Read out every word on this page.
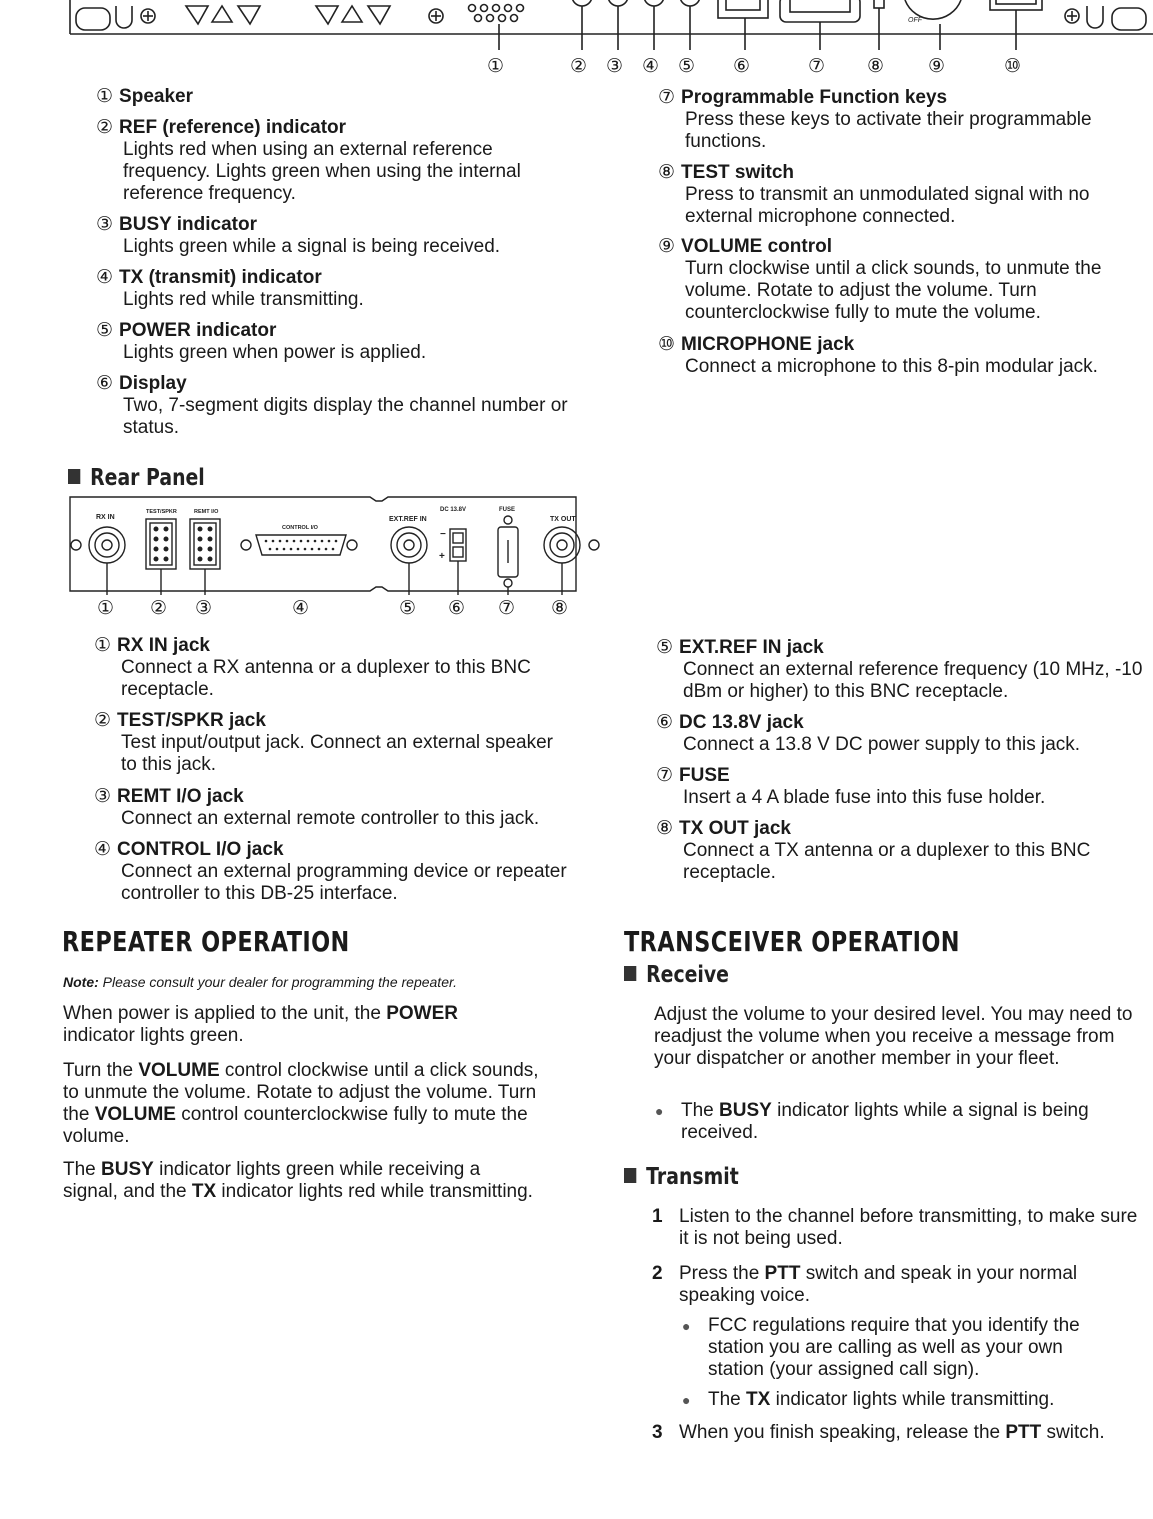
OFF
①	② ③ ④ ⑤ ⑥	⑦ ⑧ ⑨	⑩
① Speaker
② REF (reference) indicator
Lights red when using an external reference frequency. Lights green when using the internal reference frequency.
③ BUSY indicator
Lights green while a signal is being received.
④ TX (transmit) indicator
Lights red while transmitting.
⑤ POWER indicator
Lights green when power is applied.
⑥ Display
Two, 7-segment digits display the channel number or status.
⑦ Programmable Function keys
Press these keys to activate their programmable functions.
⑧ TEST switch
Press to transmit an unmodulated signal with no external microphone connected.
⑨ VOLUME control
Turn clockwise until a click sounds, to unmute the volume. Rotate to adjust the volume. Turn counterclockwise fully to mute the volume.
⑩ MICROPHONE jack
Connect a microphone to this 8-pin modular jack.
Rear Panel
RX IN
TEST/SPKR	REMT I/O
CONTROL I/O
EXT.REF IN
DC 13.8V	FUSE
TX OUT
−
+
① ② ③	④	⑤ ⑥ ⑦ ⑧
① RX IN jack
Connect a RX antenna or a duplexer to this BNC receptacle.
② TEST/SPKR jack
Test input/output jack. Connect an external speaker to this jack.
③ REMT I/O jack
Connect an external remote controller to this jack.
④ CONTROL I/O jack
Connect an external programming device or repeater controller to this DB-25 interface.
⑤ EXT.REF IN jack
Connect an external reference frequency (10 MHz, -10 dBm or higher) to this BNC receptacle.
⑥ DC 13.8V jack
Connect a 13.8 V DC power supply to this jack.
⑦ FUSE
Insert a 4 A blade fuse into this fuse holder.
⑧ TX OUT jack
Connect a TX antenna or a duplexer to this BNC receptacle.
REPEATER OPERATION
Note: Please consult your dealer for programming the repeater.
When power is applied to the unit, the POWER indicator lights green.
Turn the VOLUME control clockwise until a click sounds, to unmute the volume. Rotate to adjust the volume. Turn the VOLUME control counterclockwise fully to mute the volume.
The BUSY indicator lights green while receiving a signal, and the TX indicator lights red while transmitting.
TRANSCEIVER OPERATION
Receive
Adjust the volume to your desired level. You may need to readjust the volume when you receive a message from your dispatcher or another member in your fleet.
● The BUSY indicator lights while a signal is being received.
Transmit
1 Listen to the channel before transmitting, to make sure it is not being used.
2 Press the PTT switch and speak in your normal speaking voice.
● FCC regulations require that you identify the station you are calling as well as your own station (your assigned call sign).
● The TX indicator lights while transmitting.
3 When you finish speaking, release the PTT switch.
